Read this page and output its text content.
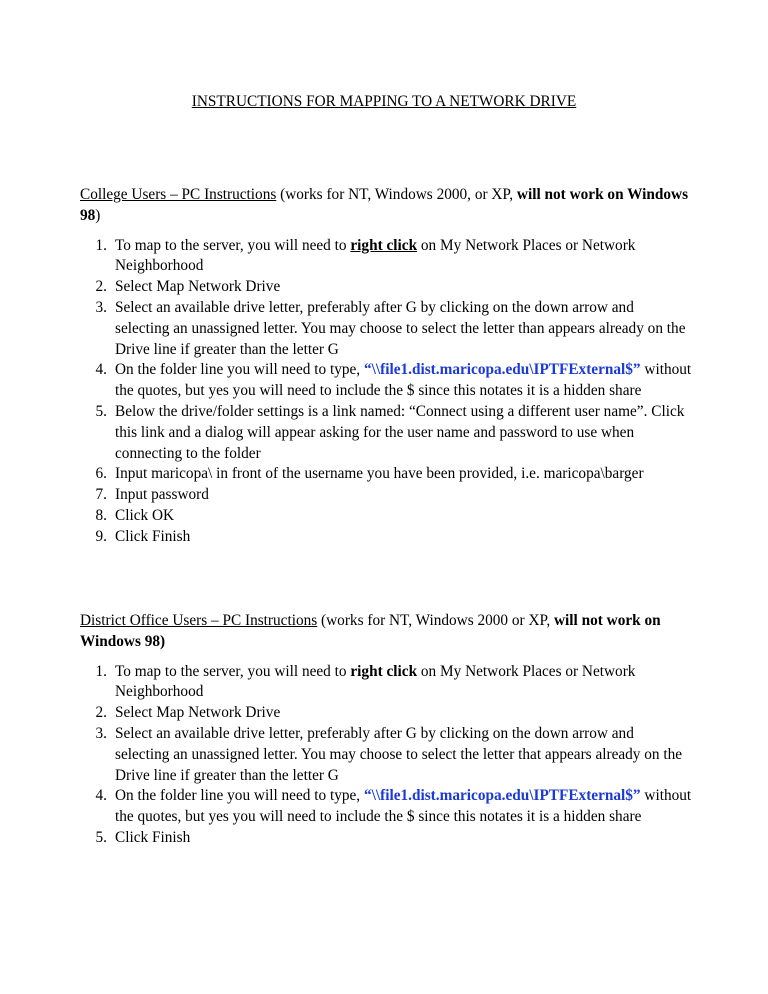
INSTRUCTIONS FOR MAPPING TO A NETWORK DRIVE

College Users – PC Instructions (works for NT, Windows 2000, or XP, will not work on Windows 98)

1. To map to the server, you will need to right click on My Network Places or Network Neighborhood
2. Select Map Network Drive
3. Select an available drive letter, preferably after G by clicking on the down arrow and selecting an unassigned letter. You may choose to select the letter than appears already on the Drive line if greater than the letter G
4. On the folder line you will need to type, “\\file1.dist.maricopa.edu\IPTFExternal$” without the quotes, but yes you will need to include the $ since this notates it is a hidden share
5. Below the drive/folder settings is a link named: “Connect using a different user name”. Click this link and a dialog will appear asking for the user name and password to use when connecting to the folder
6. Input maricopa\ in front of the username you have been provided, i.e. maricopa\barger
7. Input password
8. Click OK
9. Click Finish

District Office Users – PC Instructions (works for NT, Windows 2000 or XP, will not work on Windows 98)

1. To map to the server, you will need to right click on My Network Places or Network Neighborhood
2. Select Map Network Drive
3. Select an available drive letter, preferably after G by clicking on the down arrow and selecting an unassigned letter. You may choose to select the letter that appears already on the Drive line if greater than the letter G
4. On the folder line you will need to type, “\\file1.dist.maricopa.edu\IPTFExternal$” without the quotes, but yes you will need to include the $ since this notates it is a hidden share
5. Click Finish
